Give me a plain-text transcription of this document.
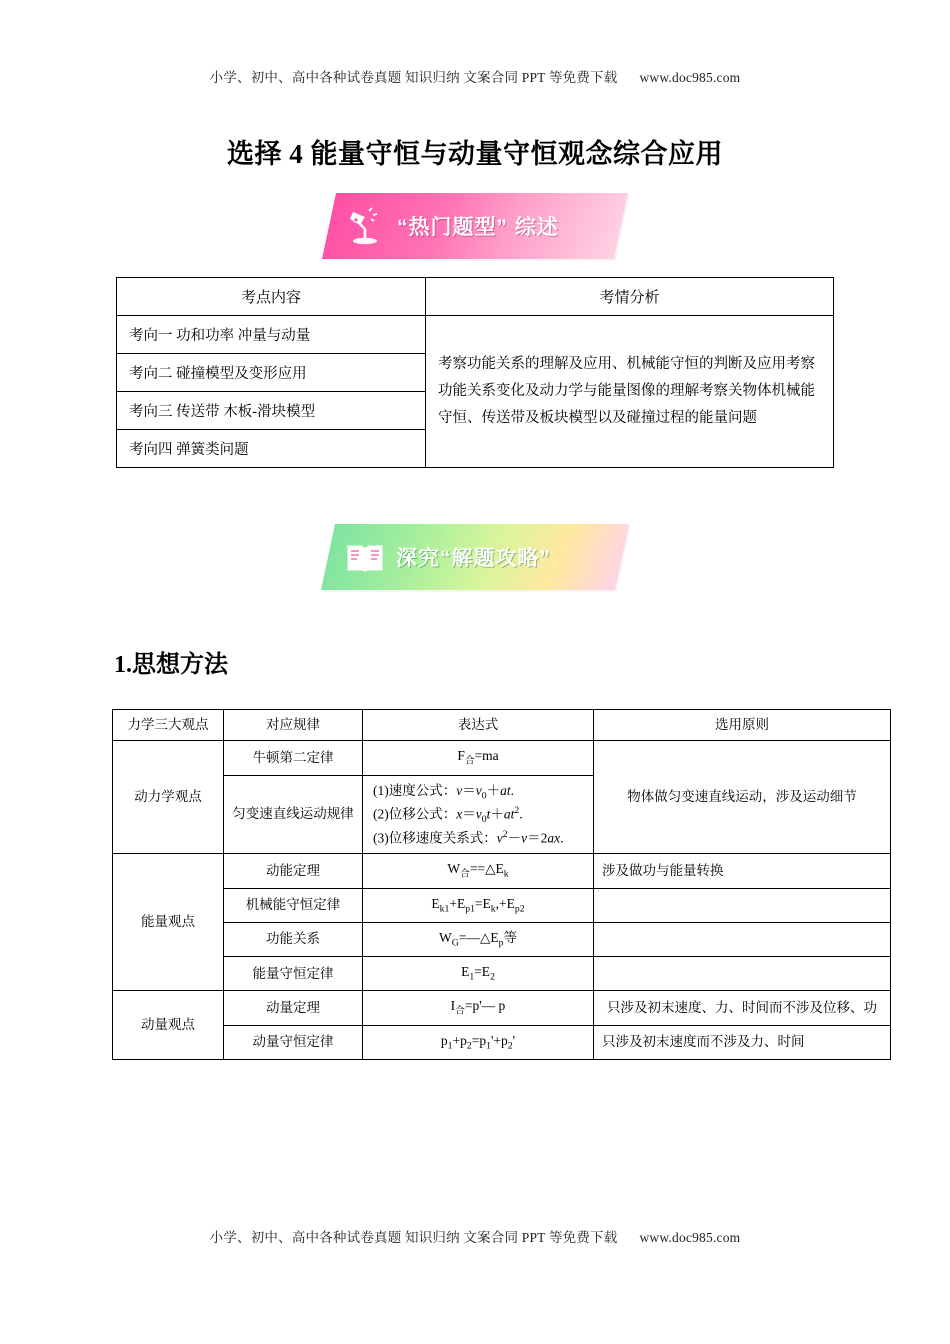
小学、初中、高中各种试卷真题 知识归纳 文案合同 PPT 等免费下载 www.doc985.com
选择 4 能量守恒与动量守恒观念综合应用
“热门题型” 综述
考点内容	考情分析
考向一 功和功率 冲量与动量	考察功能关系的理解及应用、机械能守恒的判断及应用考察功能关系变化及动力学与能量图像的理解考察关物体机械能守恒、传送带及板块模型以及碰撞过程的能量问题
考向二 碰撞模型及变形应用	
考向三 传送带 木板-滑块模型	
考向四 弹簧类问题	
深究“解题攻略”
1.思想方法
力学三大观点	对应规律	表达式	选用原则
动力学观点	牛顿第二定律	$F_合=ma$	物体做匀变速直线运动，涉及运动细节
	匀变速直线运动规律	(1)速度公式：$v=v_0+at$.
(2)位移公式：$x=v_0t+at^2$.
(3)位移速度关系式：$v^2-v=2ax$.	

能量观点	动能定理	$W_合==\triangle E_k$	涉及做功与能量转换
	机械能守恒定律	$E_{k1}+E_{p1}=E_k,+E_{p2}$	
	功能关系	$W_G=—\triangle E_p$等	
	能量守恒定律	$E_1=E_2$	
动量观点	动量定理	$I_合=p'—$ p	只涉及初末速度、力、时间而不涉及位移、功
	动量守恒定律	$p_1+p_2=p_1'+p_2'$	只涉及初末速度而不涉及力、时间
小学、初中、高中各种试卷真题 知识归纳 文案合同 PPT 等免费下载 www.doc985.com
